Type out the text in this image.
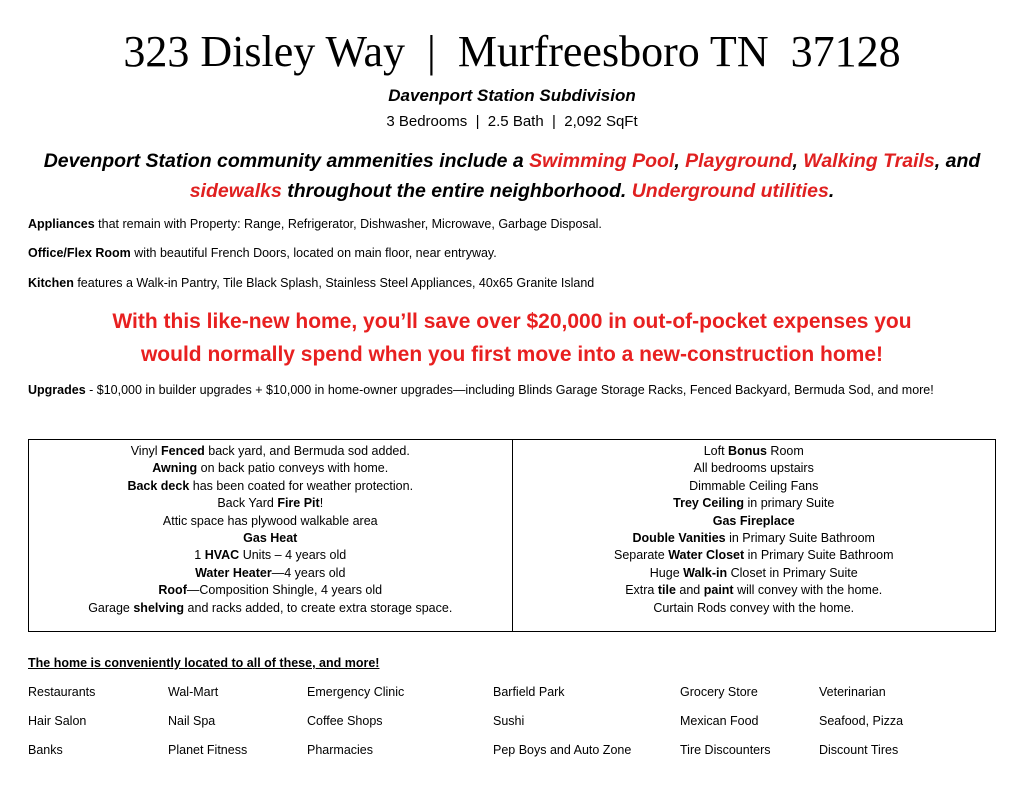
323 Disley Way  |  Murfreesboro TN  37128
Davenport Station Subdivision
3 Bedrooms  |  2.5 Bath  |  2,092 SqFt
Devenport Station community ammenities include a Swimming Pool, Playground, Walking Trails, and sidewalks throughout the entire neighborhood. Underground utilities.
Appliances that remain with Property: Range, Refrigerator, Dishwasher, Microwave, Garbage Disposal.
Office/Flex Room with beautiful French Doors, located on main floor, near entryway.
Kitchen features a Walk-in Pantry, Tile Black Splash, Stainless Steel Appliances, 40x65 Granite Island
With this like-new home, you’ll save over $20,000 in out-of-pocket expenses you
would normally spend when you first move into a new-construction home!
Upgrades - $10,000 in builder upgrades + $10,000 in home-owner upgrades—including Blinds Garage Storage Racks, Fenced Backyard, Bermuda Sod, and more!
Vinyl Fenced back yard, and Bermuda sod added.
Awning on back patio conveys with home.
Back deck has been coated for weather protection.
Back Yard Fire Pit!
Attic space has plywood walkable area
Gas Heat
1 HVAC Units – 4 years old
Water Heater—4 years old
Roof—Composition Shingle, 4 years old
Garage shelving and racks added, to create extra storage space.
Loft Bonus Room
All bedrooms upstairs
Dimmable Ceiling Fans
Trey Ceiling in primary Suite
Gas Fireplace
Double Vanities in Primary Suite Bathroom
Separate Water Closet in Primary Suite Bathroom
Huge Walk-in Closet in Primary Suite
Extra tile and paint will convey with the home.
Curtain Rods convey with the home.
The home is conveniently located to all of these, and more!
Restaurants	Wal-Mart	Emergency Clinic	Barfield Park	Grocery Store	Veterinarian
Hair Salon	Nail Spa	Coffee Shops	Sushi	Mexican Food	Seafood, Pizza
Banks	Planet Fitness	Pharmacies	Pep Boys and Auto Zone	Tire Discounters	Discount Tires
